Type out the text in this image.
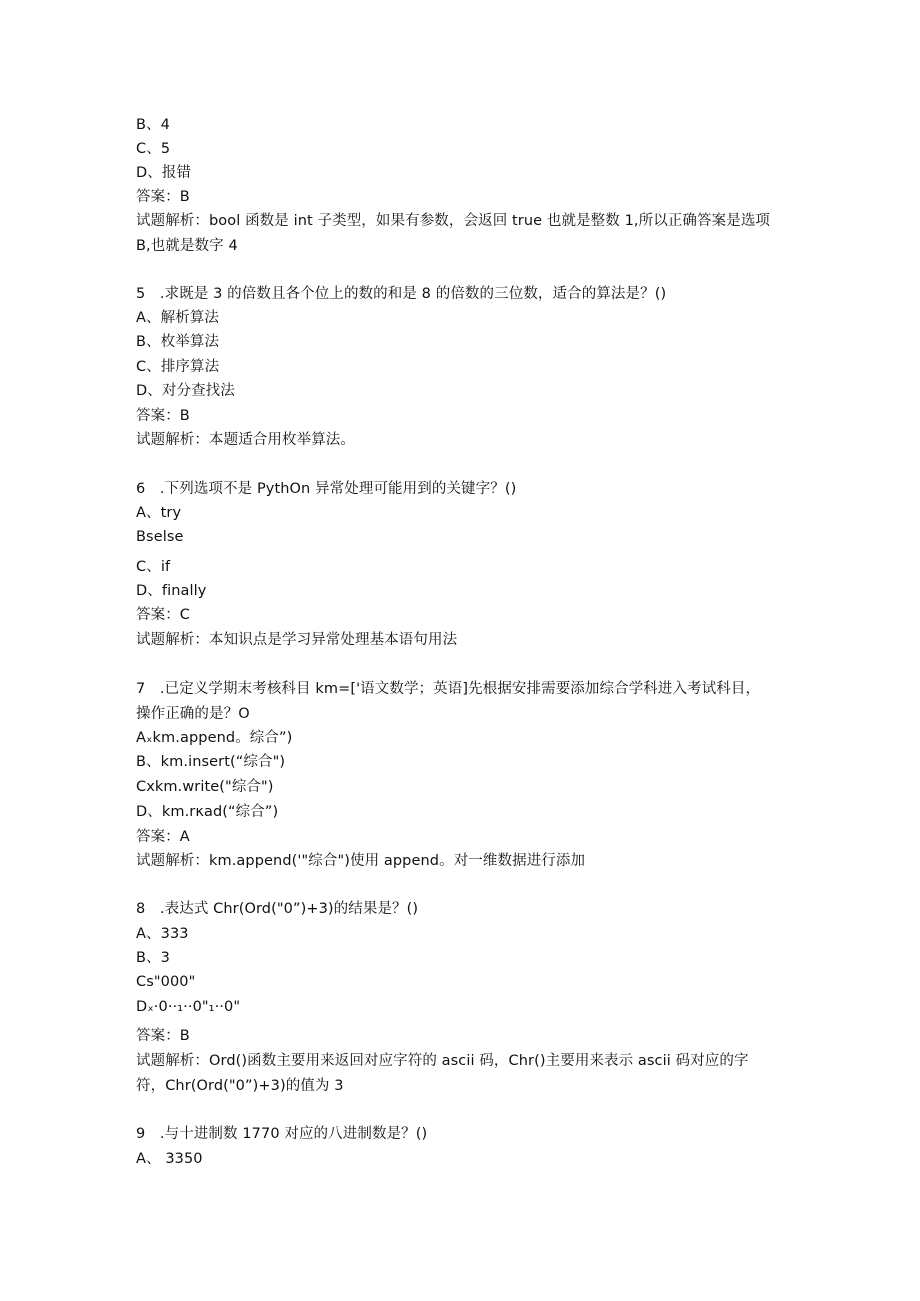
B、4
C、5
D、报错
答案：B
试题解析：bool 函数是 int 子类型，如果有参数，会返回 true 也就是整数 1,所以正确答案是选项
B,也就是数字 4
5　.求既是 3 的倍数且各个位上的数的和是 8 的倍数的三位数，适合的算法是？()
A、解析算法
B、枚举算法
C、排序算法
D、对分查找法
答案：B
试题解析：本题适合用枚举算法。
6　.下列选项不是 PythOn 异常处理可能用到的关键字？()
A、try
Bselse
C、if
D、finally
答案：C
试题解析：本知识点是学习异常处理基本语句用法
7　.已定义学期末考核科目 km=['语文数学；英语]先根据安排需要添加综合学科进入考试科目，
操作正确的是？O
Aₓkm.append。综合”)
B、km.insert(“综合")
Cxkm.write("综合")
D、km.rκad(“综合”)
答案：A
试题解析：km.append('"综合")使用 append。对一维数据进行添加
8　.表达式 Chr(Ord("0”)+3)的结果是？()
A、333
B、3
Cs"000"
Dₓ·0··₁··0"₁··0"
答案：B
试题解析：Ord()函数主要用来返回对应字符的 ascii 码，Chr()主要用来表示 ascii 码对应的字
符，Chr(Ord("0”)+3)的值为 3
9　.与十进制数 1770 对应的八进制数是？()
A、 3350
